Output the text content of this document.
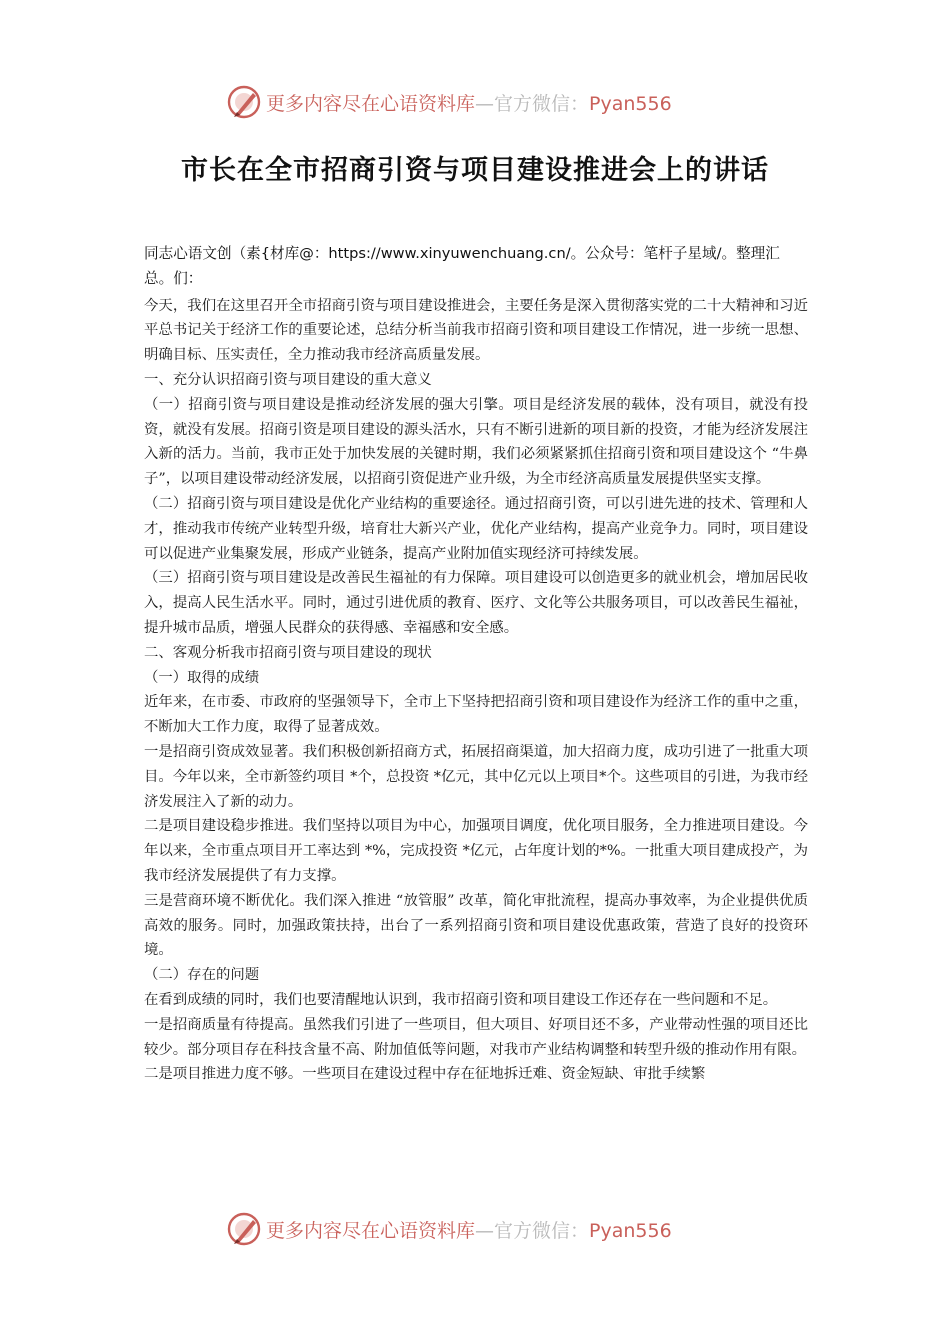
更多内容尽在心语资料库—官方微信：Pyan556
市长在全市招商引资与项目建设推进会上的讲话

同志心语文创（素{材库@：https://www.xinyuwenchuang.cn/。公众号：笔杆子星域/。整理汇总。们：

今天，我们在这里召开全市招商引资与项目建设推进会，主要任务是深入贯彻落实党的二十大精神和习近平总书记关于经济工作的重要论述，总结分析当前我市招商引资和项目建设工作情况，进一步统一思想、明确目标、压实责任，全力推动我市经济高质量发展。

一、充分认识招商引资与项目建设的重大意义

（一）招商引资与项目建设是推动经济发展的强大引擎。项目是经济发展的载体，没有项目，就没有投资，就没有发展。招商引资是项目建设的源头活水，只有不断引进新的项目新的投资，才能为经济发展注入新的活力。当前，我市正处于加快发展的关键时期，我们必须紧紧抓住招商引资和项目建设这个 “牛鼻子”，以项目建设带动经济发展，以招商引资促进产业升级，为全市经济高质量发展提供坚实支撑。

（二）招商引资与项目建设是优化产业结构的重要途径。通过招商引资，可以引进先进的技术、管理和人才，推动我市传统产业转型升级，培育壮大新兴产业，优化产业结构，提高产业竞争力。同时，项目建设可以促进产业集聚发展，形成产业链条，提高产业附加值实现经济可持续发展。

（三）招商引资与项目建设是改善民生福祉的有力保障。项目建设可以创造更多的就业机会，增加居民收入，提高人民生活水平。同时，通过引进优质的教育、医疗、文化等公共服务项目，可以改善民生福祉，提升城市品质，增强人民群众的获得感、幸福感和安全感。

二、客观分析我市招商引资与项目建设的现状

（一）取得的成绩

近年来，在市委、市政府的坚强领导下，全市上下坚持把招商引资和项目建设作为经济工作的重中之重，不断加大工作力度，取得了显著成效。

一是招商引资成效显著。我们积极创新招商方式，拓展招商渠道，加大招商力度，成功引进了一批重大项目。今年以来，全市新签约项目 *个，总投资 *亿元，其中亿元以上项目*个。这些项目的引进，为我市经济发展注入了新的动力。

二是项目建设稳步推进。我们坚持以项目为中心，加强项目调度，优化项目服务，全力推进项目建设。今年以来，全市重点项目开工率达到 *%，完成投资 *亿元，占年度计划的*%。一批重大项目建成投产，为我市经济发展提供了有力支撑。

三是营商环境不断优化。我们深入推进 “放管服” 改革，简化审批流程，提高办事效率，为企业提供优质高效的服务。同时，加强政策扶持，出台了一系列招商引资和项目建设优惠政策，营造了良好的投资环境。

（二）存在的问题

在看到成绩的同时，我们也要清醒地认识到，我市招商引资和项目建设工作还存在一些问题和不足。

一是招商质量有待提高。虽然我们引进了一些项目，但大项目、好项目还不多，产业带动性强的项目还比较少。部分项目存在科技含量不高、附加值低等问题，对我市产业结构调整和转型升级的推动作用有限。

二是项目推进力度不够。一些项目在建设过程中存在征地拆迁难、资金短缺、审批手续繁

更多内容尽在心语资料库—官方微信：Pyan556
